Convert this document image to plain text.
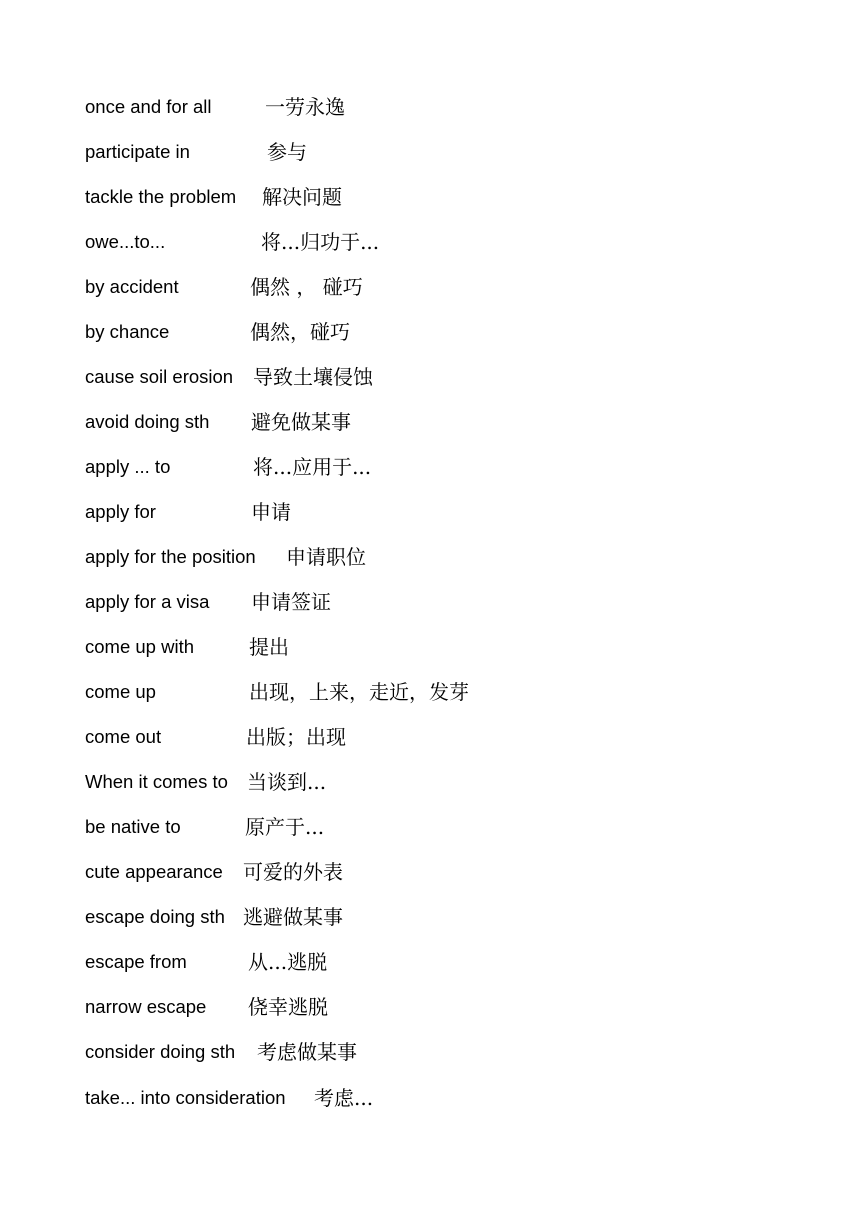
once and for all	一劳永逸
participate in	参与
tackle the problem 解决问题
owe...to...	将...归功于...
by accident	偶然 ， 碰巧
by chance	偶然，碰巧
cause soil erosion 导致土壤侵蚀
avoid doing sth 避免做某事
apply ... to	将...应用于...
apply for	申请
apply for the position 申请职位
apply for a visa 申请签证
come up with	提出
come up	出现，上来，走近，发芽
come out	出版；出现
When it comes to 当谈到...
be native to	原产于...
cute appearance 可爱的外表
escape doing sth 逃避做某事
escape from	从...逃脱
narrow escape 侥幸逃脱
consider doing sth 考虑做某事
take... into consideration 考虑...
